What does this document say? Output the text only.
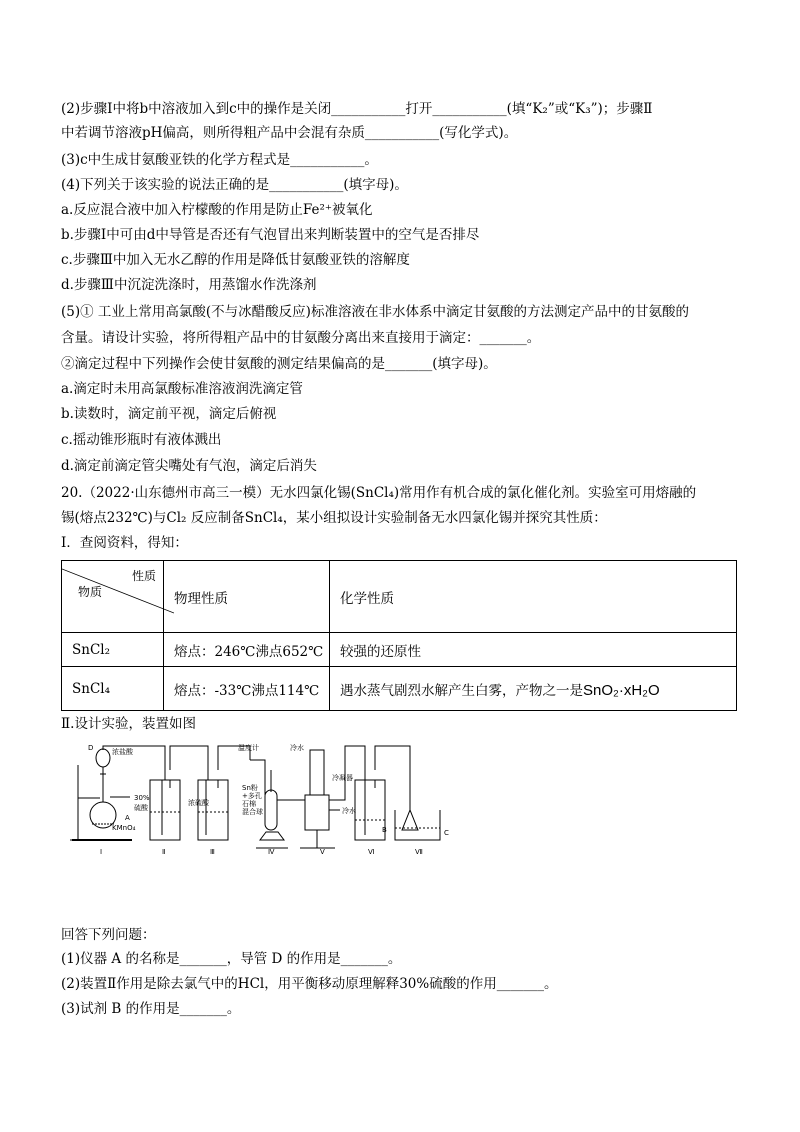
(2)步骤Ⅰ中将b中溶液加入到c中的操作是关闭___________打开___________(填“K₂”或“K₃”)；步骤Ⅱ
中若调节溶液pH偏高，则所得粗产品中会混有杂质___________(写化学式)。
(3)c中生成甘氨酸亚铁的化学方程式是___________。
(4)下列关于该实验的说法正确的是___________(填字母)。
a.反应混合液中加入柠檬酸的作用是防止Fe²⁺被氧化
b.步骤Ⅰ中可由d中导管是否还有气泡冒出来判断装置中的空气是否排尽
c.步骤Ⅲ中加入无水乙醇的作用是降低甘氨酸亚铁的溶解度
d.步骤Ⅲ中沉淀洗涤时，用蒸馏水作洗涤剂
(5)① 工业上常用高氯酸(不与冰醋酸反应)标准溶液在非水体系中滴定甘氨酸的方法测定产品中的甘氨酸的
含量。请设计实验，将所得粗产品中的甘氨酸分离出来直接用于滴定：_______。
②滴定过程中下列操作会使甘氨酸的测定结果偏高的是_______(填字母)。
a.滴定时未用高氯酸标准溶液润洗滴定管
b.读数时，滴定前平视，滴定后俯视
c.摇动锥形瓶时有液体溅出
d.滴定前滴定管尖嘴处有气泡，滴定后消失
20.（2022·山东德州市高三一模）无水四氯化锡(SnCl₄)常用作有机合成的氯化催化剂。实验室可用熔融的
锡(熔点232℃)与Cl₂ 反应制备SnCl₄，某小组拟设计实验制备无水四氯化锡并探究其性质：
Ⅰ．查阅资料，得知：
性质
物质	物理性质	化学性质
SnCl₂	熔点：246℃沸点652℃	较强的还原性
SnCl₄	熔点：-33℃沸点114℃	遇水蒸气剧烈水解产生白雾，产物之一是SnO₂·xH₂O
Ⅱ.设计实验，装置如图
D	浓盐酸
A
KMnO₄
30%
硫酸
浓硫酸
温度计	冷水
Sn粉
+多孔
石棉
混合球
冷凝器
冷水
B	C
Ⅰ	Ⅱ	Ⅲ	Ⅳ	Ⅴ	Ⅵ	Ⅶ
回答下列问题：
(1)仪器 A 的名称是_______，导管 D 的作用是_______。
(2)装置Ⅱ作用是除去氯气中的HCl，用平衡移动原理解释30%硫酸的作用_______。
(3)试剂 B 的作用是_______。
